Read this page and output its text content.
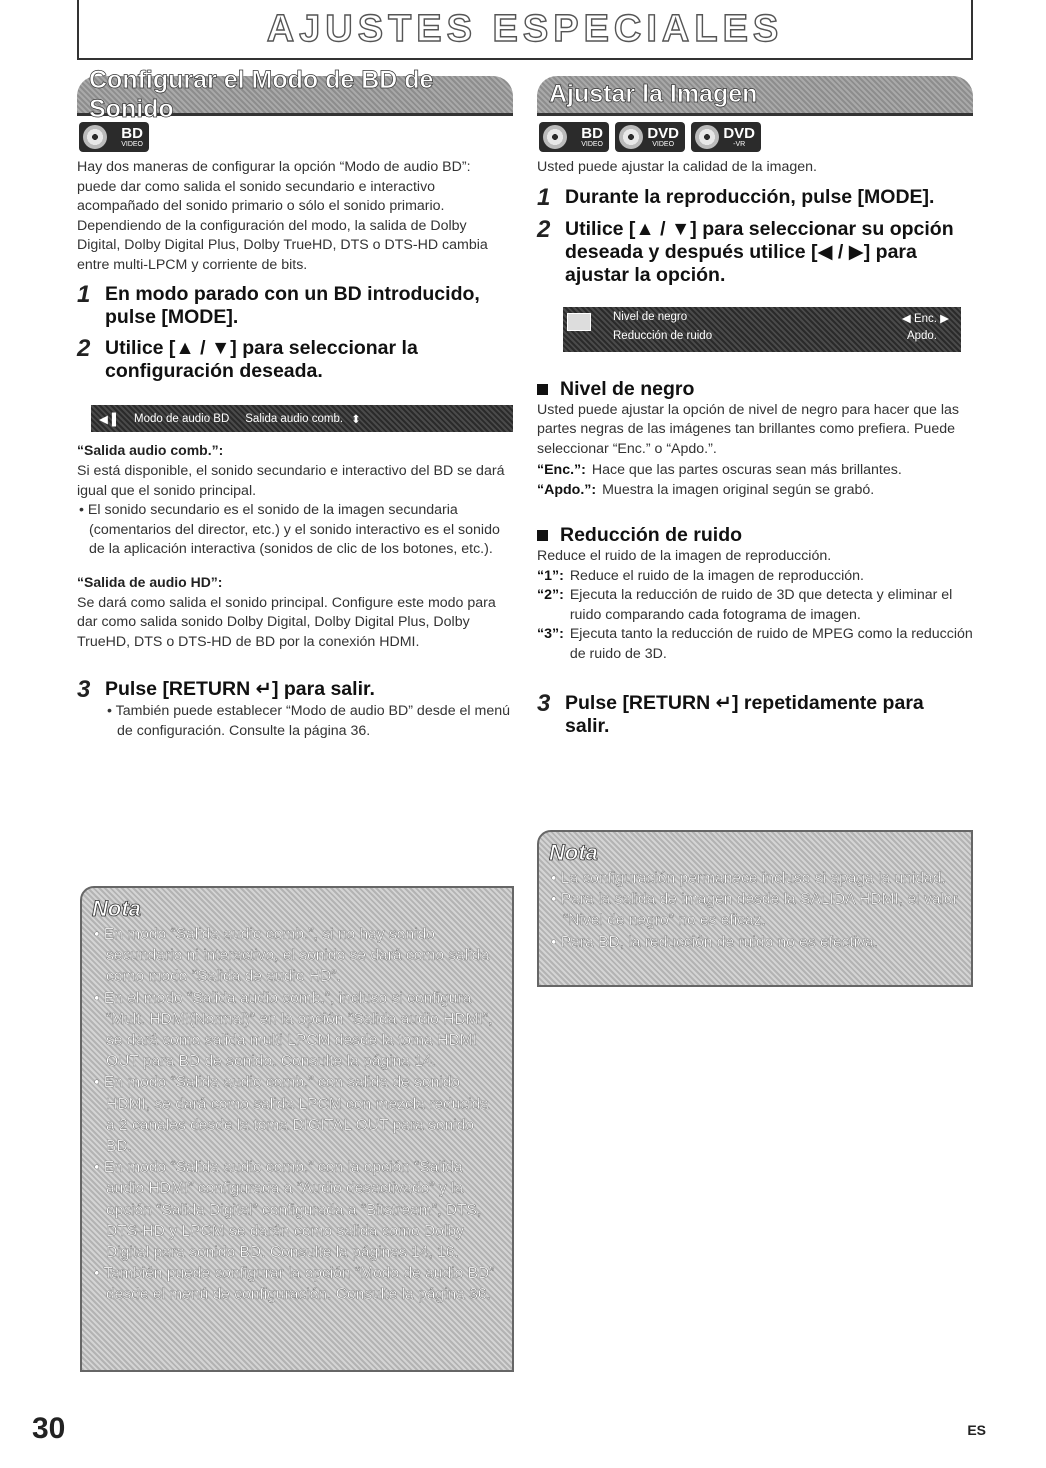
AJUSTES ESPECIALES
Configurar el Modo de BD de Sonido
BD
VIDEO

Hay dos maneras de configurar la opción “Modo de audio BD”: puede dar como salida el sonido secundario e interactivo acompañado del sonido primario o sólo el sonido primario. Dependiendo de la configuración del modo, la salida de Dolby Digital, Dolby Digital Plus, Dolby TrueHD, DTS o DTS-HD cambia entre multi-LPCM y corriente de bits.

1 En modo parado con un BD introducido, pulse [MODE].
2 Utilice [▲ / ▼] para seleccionar la configuración deseada.
◀▐ Modo de audio BD Salida audio comb. ⬍
“Salida audio comb.”:

Si está disponible, el sonido secundario e interactivo del BD se dará igual que el sonido principal.

• El sonido secundario es el sonido de la imagen secundaria (comentarios del director, etc.) y el sonido interactivo es el sonido de la aplicación interactiva (sonidos de clic de los botones, etc.).

“Salida de audio HD”:

Se dará como salida el sonido principal. Configure este modo para dar como salida sonido Dolby Digital, Dolby Digital Plus, Dolby TrueHD, DTS o DTS-HD de BD por la conexión HDMI.

3 Pulse [RETURN ↵] para salir.

• También puede establecer “Modo de audio BD” desde el menú de configuración. Consulte la página 36.

Nota
• En modo “Salida audio comb.”, si no hay sonido secundario ni interactivo, el sonido se dará como salida como modo “Salida de audio HD”.
• En el modo “Salida audio comb.”, incluso si configura “Mult. HDMI(Normal)” en la opción “Salida audio HDMI”, se dará como salida multi LPCM desde la toma HDMI OUT para BD de sonido. Consulte la página 14.
• En modo “Salida audio comb.” con salida de sonido HDMI, se dará como salida LPCM con mezcla reducida a 2 canales desde la toma DIGITAL OUT para sonido BD.
• En modo “Salida audio comb.” con la opción “Salida audio HDMI” configurada a “Audio desactivado” y la opción “Salida Digital” configurada a “Bitstream”, DTS, DTS-HD y LPCM se darán como salida como Dolby Digital para sonido BD. Consulte la páginas 14, 16.
• También puede configurar la opción “Modo de audio BD” desde el menú de configuración. Consulte la página 36.
Ajustar la Imagen
BD
VIDEO
DVD
VIDEO
DVD
-VR

Usted puede ajustar la calidad de la imagen.

1 Durante la reproducción, pulse [MODE].
2 Utilice [▲ / ▼] para seleccionar su opción deseada y después utilice [◀ / ▶] para ajustar la opción.
Nivel de negro	◀ Enc. ▶
Reducción de ruido	Apdo.
Nivel de negro

Usted puede ajustar la opción de nivel de negro para hacer que las partes negras de las imágenes tan brillantes como prefiera. Puede seleccionar “Enc.” o “Apdo.”.

“Enc.”: Hace que las partes oscuras sean más brillantes.
“Apdo.”: Muestra la imagen original según se grabó.
Reducción de ruido

Reduce el ruido de la imagen de reproducción.

“1”: Reduce el ruido de la imagen de reproducción.
“2”: Ejecuta la reducción de ruido de 3D que detecta y eliminar el ruido comparando cada fotograma de imagen.
“3”: Ejecuta tanto la reducción de ruido de MPEG como la reducción de ruido de 3D.
3 Pulse [RETURN ↵] repetidamente para salir.
Nota
• La configuración permanece incluso si apaga la unidad.
• Para la salida de imagen desde la SALIDA HDMI, el valor “Nivel de negro” no es eficaz.
• Para BD, la reducción de ruido no es efectiva.
30	ES
